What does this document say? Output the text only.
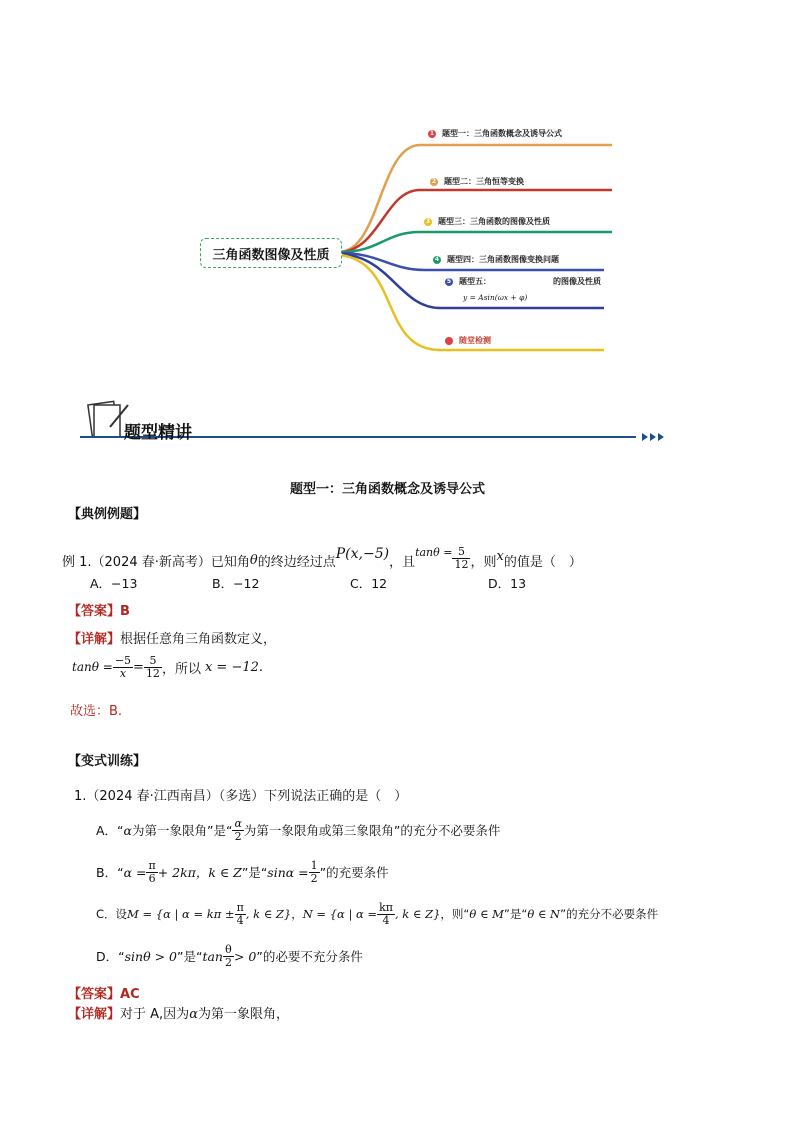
三角函数图像及性质
1 题型一：三角函数概念及诱导公式
2 题型二：三角恒等变换
3 题型三：三角函数的图像及性质
4 题型四：三角函数图像变换问题
5 题型五：	的图像及性质
y = Asin(ωx + φ)
随堂检测
题型精讲
题型一：三角函数概念及诱导公式
【典例例题】
例 1.（2024 春·新高考）已知角 θ 的终边经过点 P(x,−5) ，且
$\tan\theta = \frac{5}{12}$ ，则 x 的值是（　）
A．−13	B．−12	C．12	D．13
【答案】B
【详解】根据任意角三角函数定义，
$\tan\theta = \frac{-5}{x} = \frac{5}{12}$ ，所以 x = −12 .
故选：B.
【变式训练】
1.（2024 春·江西南昌）（多选）下列说法正确的是（　）
A．“ α 为第一象限角”是“ $\frac{\alpha}{2}$ 为第一象限角或第三象限角”的充分不必要条件
B．“ $\alpha = \frac{\pi}{6} + 2k\pi$，k ∈ Z ”是“ $\sin\alpha = \frac{1}{2}$ ”的充要条件
C．设 M = {α | $\alpha = k\pi \pm \frac{\pi}{4}$ , k ∈ Z} ， N = {α | $\alpha = \frac{k\pi}{4}$ , k ∈ Z} ，则“ θ ∈ M ”是“ θ ∈ N ”的充分不必要条件
D．“ sinθ > 0 ”是“ $\tan \frac{\theta}{2} > 0$ ”的必要不充分条件
【答案】AC
【详解】对于 A,因为α为第一象限角，
